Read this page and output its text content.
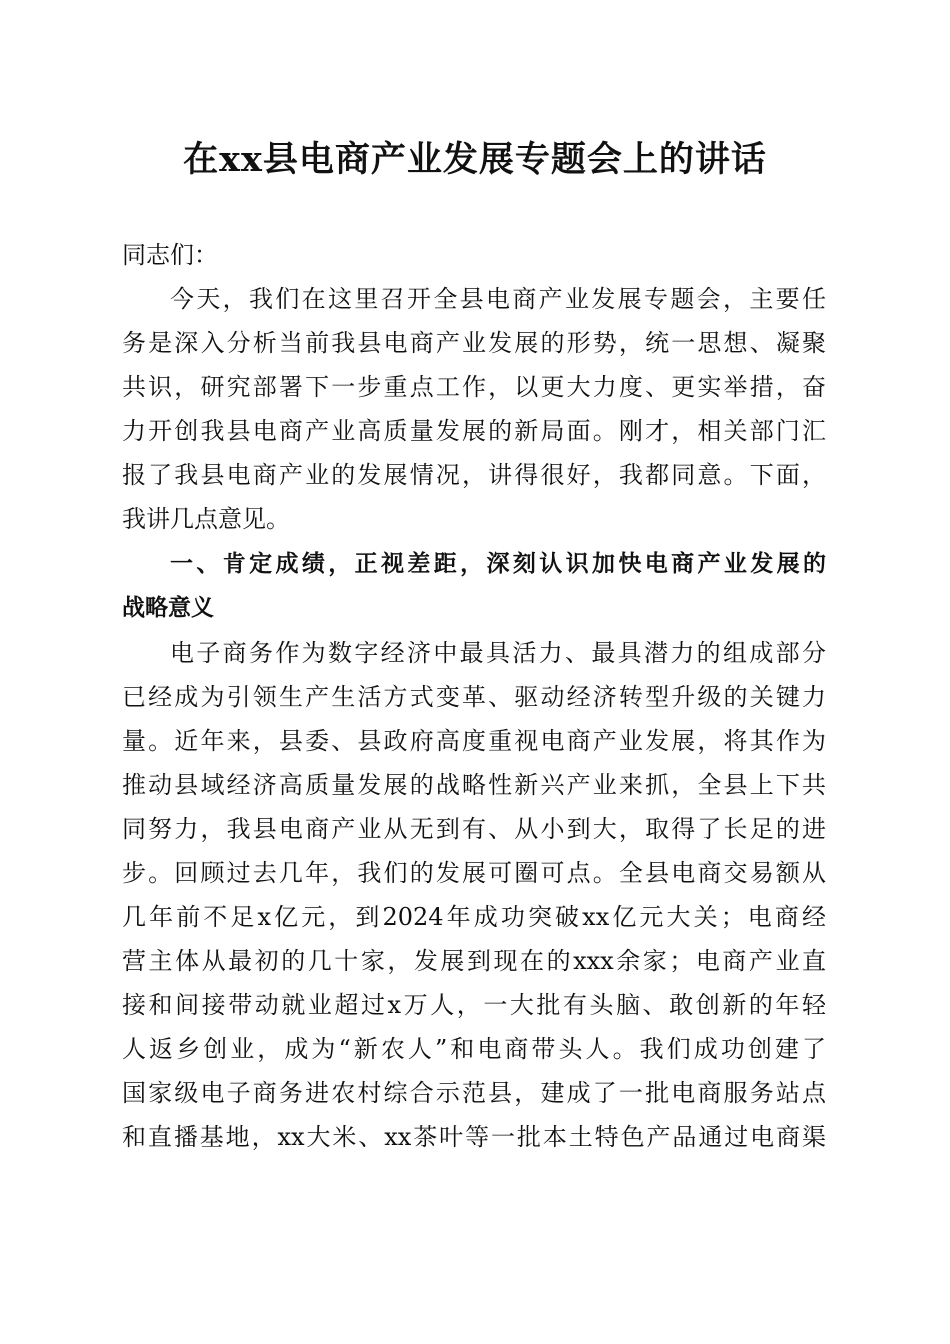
在xx县电商产业发展专题会上的讲话

同志们：

今天，我们在这里召开全县电商产业发展专题会，主要任

务是深入分析当前我县电商产业发展的形势，统一思想、凝聚

共识，研究部署下一步重点工作，以更大力度、更实举措，奋

力开创我县电商产业高质量发展的新局面。刚才，相关部门汇

报了我县电商产业的发展情况，讲得很好，我都同意。下面，

我讲几点意见。

一、肯定成绩，正视差距，深刻认识加快电商产业发展的

战略意义

电子商务作为数字经济中最具活力、最具潜力的组成部分

已经成为引领生产生活方式变革、驱动经济转型升级的关键力

量。近年来，县委、县政府高度重视电商产业发展，将其作为

推动县域经济高质量发展的战略性新兴产业来抓，全县上下共

同努力，我县电商产业从无到有、从小到大，取得了长足的进

步。回顾过去几年，我们的发展可圈可点。全县电商交易额从

几年前不足x亿元，到2024年成功突破xx亿元大关；电商经

营主体从最初的几十家，发展到现在的xxx余家；电商产业直

接和间接带动就业超过x万人，一大批有头脑、敢创新的年轻

人返乡创业，成为“新农人”和电商带头人。我们成功创建了

国家级电子商务进农村综合示范县，建成了一批电商服务站点

和直播基地，xx大米、xx茶叶等一批本土特色产品通过电商渠
